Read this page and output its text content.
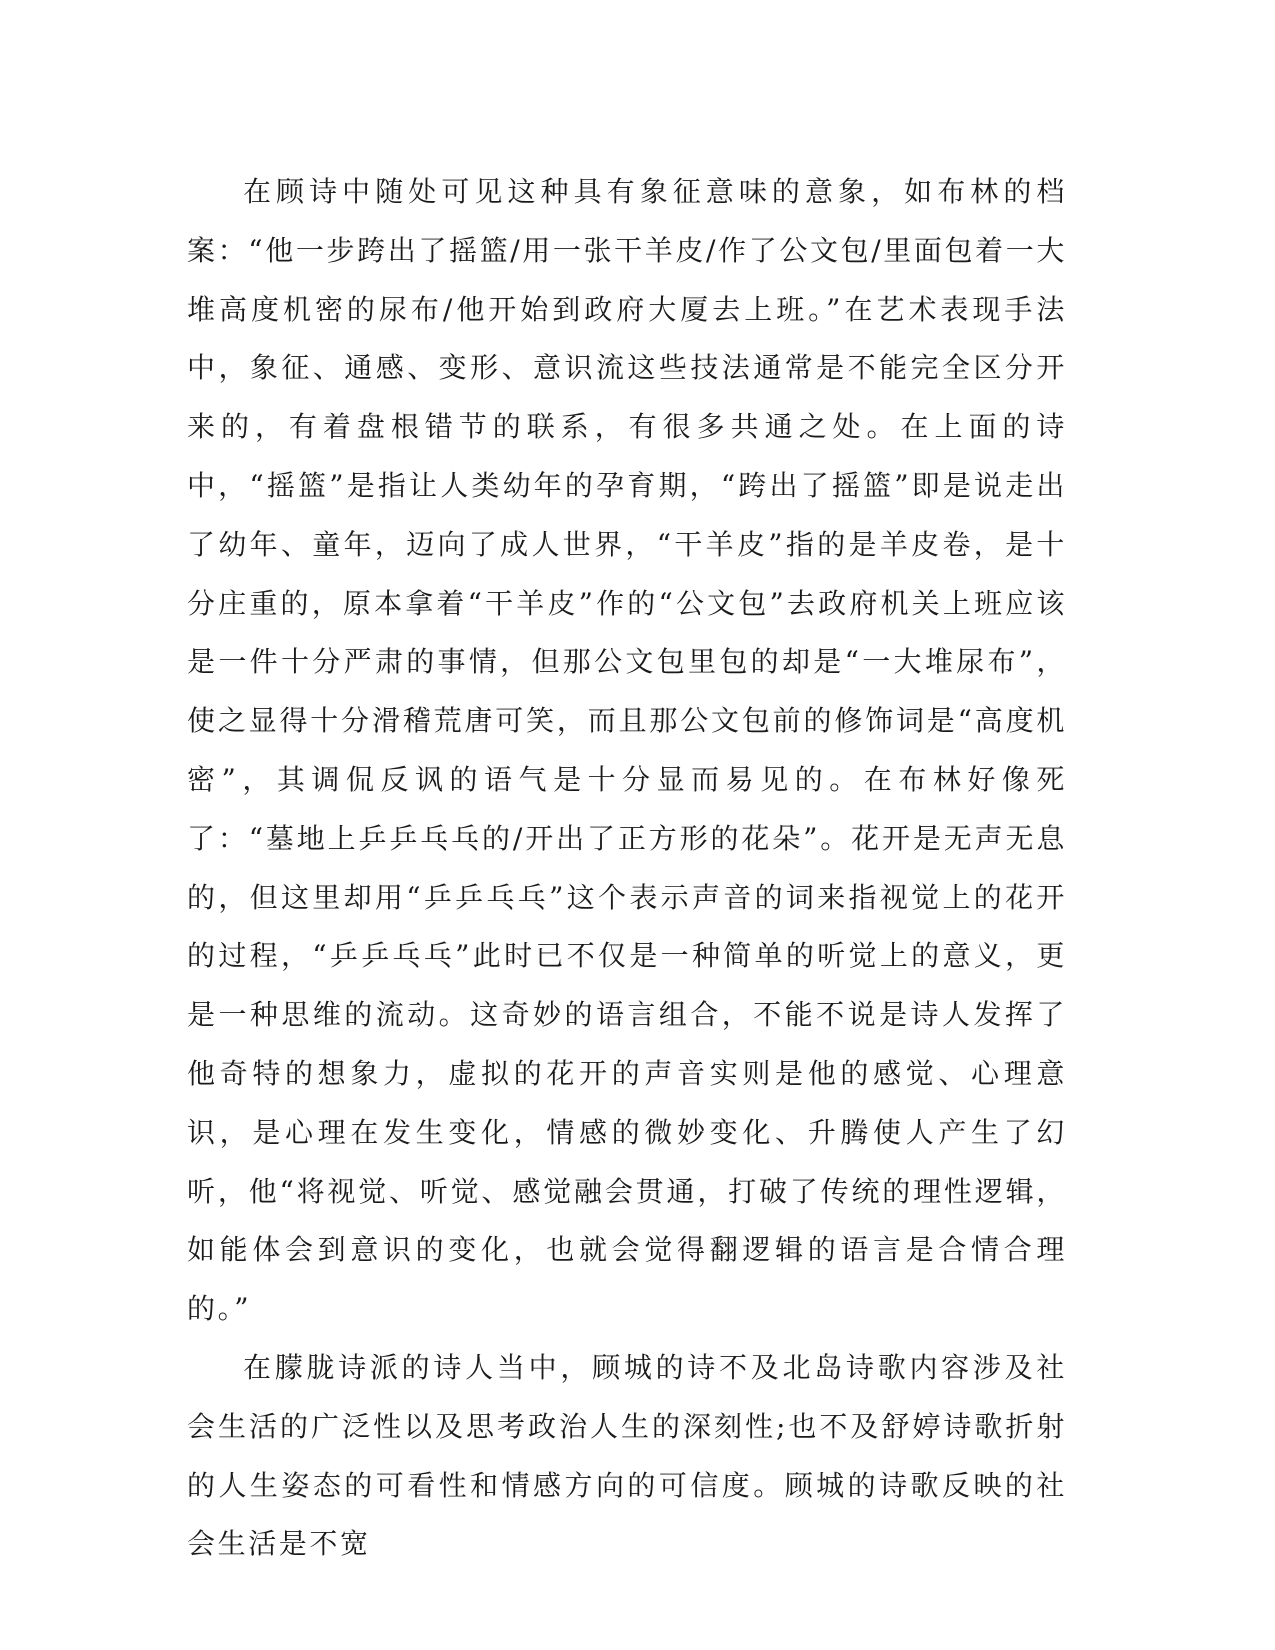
在顾诗中随处可见这种具有象征意味的意象，如布林的档案：“他一步跨出了摇篮/用一张干羊皮/作了公文包/里面包着一大堆高度机密的尿布/他开始到政府大厦去上班。”在艺术表现手法中，象征、通感、变形、意识流这些技法通常是不能完全区分开来的，有着盘根错节的联系，有很多共通之处。在上面的诗中，“摇篮”是指让人类幼年的孕育期，“跨出了摇篮”即是说走出了幼年、童年，迈向了成人世界，“干羊皮”指的是羊皮卷，是十分庄重的，原本拿着“干羊皮”作的“公文包”去政府机关上班应该是一件十分严肃的事情，但那公文包里包的却是“一大堆尿布”，使之显得十分滑稽荒唐可笑，而且那公文包前的修饰词是“高度机密”，其调侃反讽的语气是十分显而易见的。在布林好像死了：“墓地上乒乒乓乓的/开出了正方形的花朵”。花开是无声无息的，但这里却用“乒乒乓乓”这个表示声音的词来指视觉上的花开的过程，“乒乒乓乓”此时已不仅是一种简单的听觉上的意义，更是一种思维的流动。这奇妙的语言组合，不能不说是诗人发挥了他奇特的想象力，虚拟的花开的声音实则是他的感觉、心理意识，是心理在发生变化，情感的微妙变化、升腾使人产生了幻听，他“将视觉、听觉、感觉融会贯通，打破了传统的理性逻辑，如能体会到意识的变化，也就会觉得翻逻辑的语言是合情合理的。”

在朦胧诗派的诗人当中，顾城的诗不及北岛诗歌内容涉及社会生活的广泛性以及思考政治人生的深刻性;也不及舒婷诗歌折射的人生姿态的可看性和情感方向的可信度。顾城的诗歌反映的社会生活是不宽
